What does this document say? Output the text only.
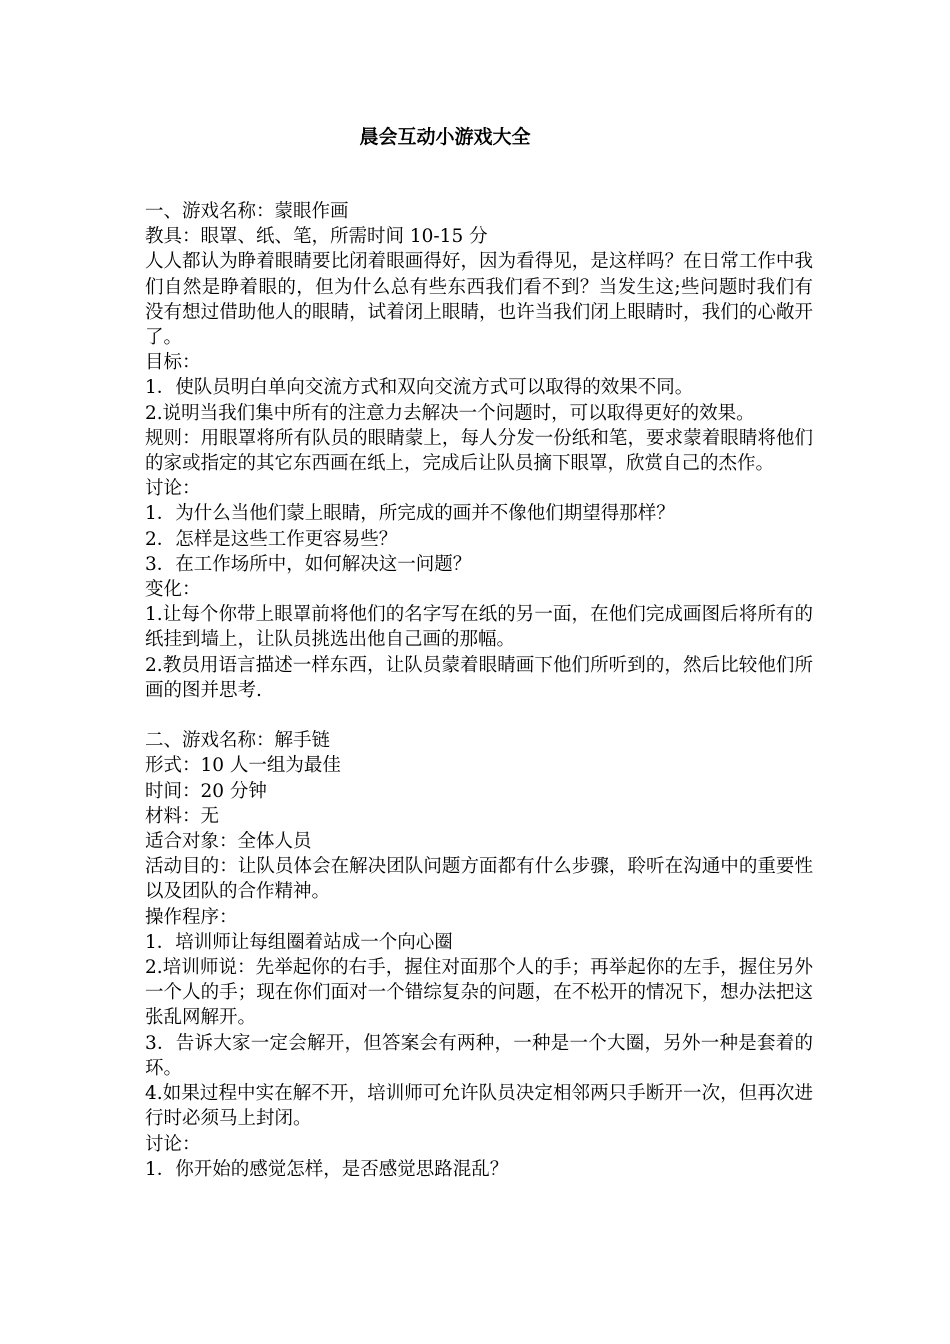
晨会互动小游戏大全

一、游戏名称：蒙眼作画

教具：眼罩、纸、笔，所需时间 10-15 分

人人都认为睁着眼睛要比闭着眼画得好，因为看得见，是这样吗？在日常工作中我们自然是睁着眼的，但为什么总有些东西我们看不到？当发生这;些问题时我们有没有想过借助他人的眼睛，试着闭上眼睛，也许当我们闭上眼睛时，我们的心敞开了。

目标：

1．使队员明白单向交流方式和双向交流方式可以取得的效果不同。

2.说明当我们集中所有的注意力去解决一个问题时，可以取得更好的效果。

规则：用眼罩将所有队员的眼睛蒙上，每人分发一份纸和笔，要求蒙着眼睛将他们的家或指定的其它东西画在纸上，完成后让队员摘下眼罩，欣赏自己的杰作。

讨论：

1．为什么当他们蒙上眼睛，所完成的画并不像他们期望得那样？

2．怎样是这些工作更容易些？

3．在工作场所中，如何解决这一问题？

变化：

1.让每个你带上眼罩前将他们的名字写在纸的另一面，在他们完成画图后将所有的纸挂到墙上，让队员挑选出他自己画的那幅。

2.教员用语言描述一样东西，让队员蒙着眼睛画下他们所听到的，然后比较他们所画的图并思考.

二、游戏名称：解手链

形式：10 人一组为最佳

时间：20 分钟

材料：无

适合对象：全体人员

活动目的：让队员体会在解决团队问题方面都有什么步骤，聆听在沟通中的重要性以及团队的合作精神。

操作程序：

1．培训师让每组圈着站成一个向心圈

2.培训师说：先举起你的右手，握住对面那个人的手；再举起你的左手，握住另外一个人的手；现在你们面对一个错综复杂的问题，在不松开的情况下，想办法把这张乱网解开。

3．告诉大家一定会解开，但答案会有两种，一种是一个大圈，另外一种是套着的环。

4.如果过程中实在解不开，培训师可允许队员决定相邻两只手断开一次，但再次进行时必须马上封闭。

讨论：

1．你开始的感觉怎样，是否感觉思路混乱？
